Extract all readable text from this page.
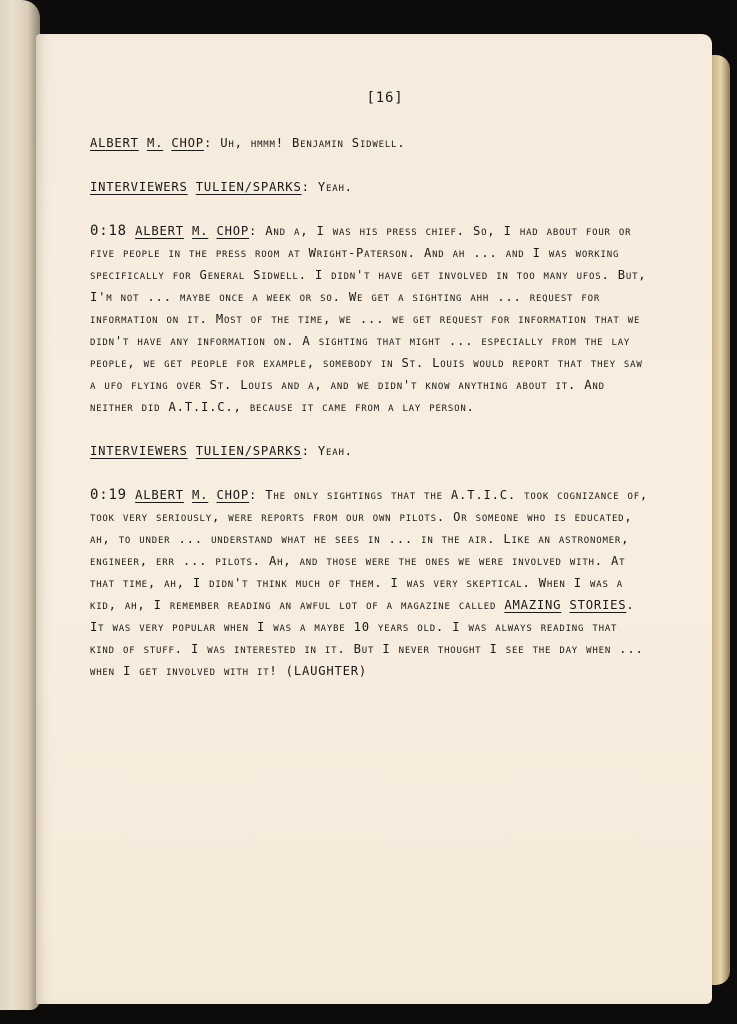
[16]

ALBERT M. CHOP: Uh, hmmm! Benjamin Sidwell.

INTERVIEWERS TULIEN/SPARKS: Yeah.

0:18 ALBERT M. CHOP: And a, I was his press chief. So, I had about four or five people in the press room at Wright-Paterson. And ah ... and I was working specifically for General Sidwell. I didn't have get involved in too many ufos. But, I'm not ... maybe once a week or so. We get a sighting ahh ... request for information on it. Most of the time, we ... we get request for information that we didn't have any information on. A sighting that might ... especially from the lay people, we get people for example, somebody in St. Louis would report that they saw a ufo flying over St. Louis and a, and we didn't know anything about it. And neither did A.T.I.C., because it came from a lay person.

INTERVIEWERS TULIEN/SPARKS: Yeah.

0:19 ALBERT M. CHOP: The only sightings that the A.T.I.C. took cognizance of, took very seriously, were reports from our own pilots. Or someone who is educated, ah, to under ... understand what he sees in ... in the air. Like an astronomer, engineer, err ... pilots. Ah, and those were the ones we were involved with. At that time, ah, I didn't think much of them. I was very skeptical. When I was a kid, ah, I remember reading an awful lot of a magazine called AMAZING STORIES. It was very popular when I was a maybe 10 years old. I was always reading that kind of stuff. I was interested in it. But I never thought I see the day when ... when I get involved with it! (LAUGHTER)
